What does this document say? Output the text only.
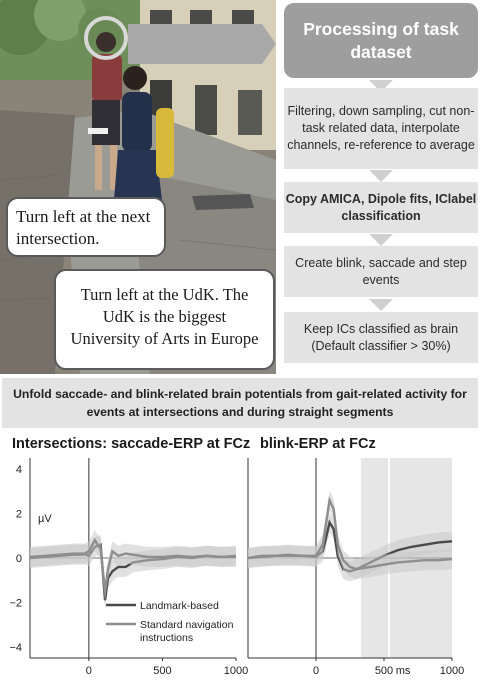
Turn left at the next intersection.
Turn left at the UdK. The UdK is the biggest University of Arts in Europe
Processing of task dataset
Filtering, down sampling, cut non-task related data, interpolate channels, re-reference to average
Copy AMICA, Dipole fits, IClabel classification
Create blink, saccade and step events
Keep ICs classified as brain (Default classifier > 30%)
Unfold saccade- and blink-related brain potentials from gait-related activity for events at intersections and during straight segments
Intersections: saccade-ERP at FCz blink-ERP at FCz
4
2
0
−2
−4
µV
0	500	1000
Landmark-based
Standard navigation instructions
0	500	1000
ms
